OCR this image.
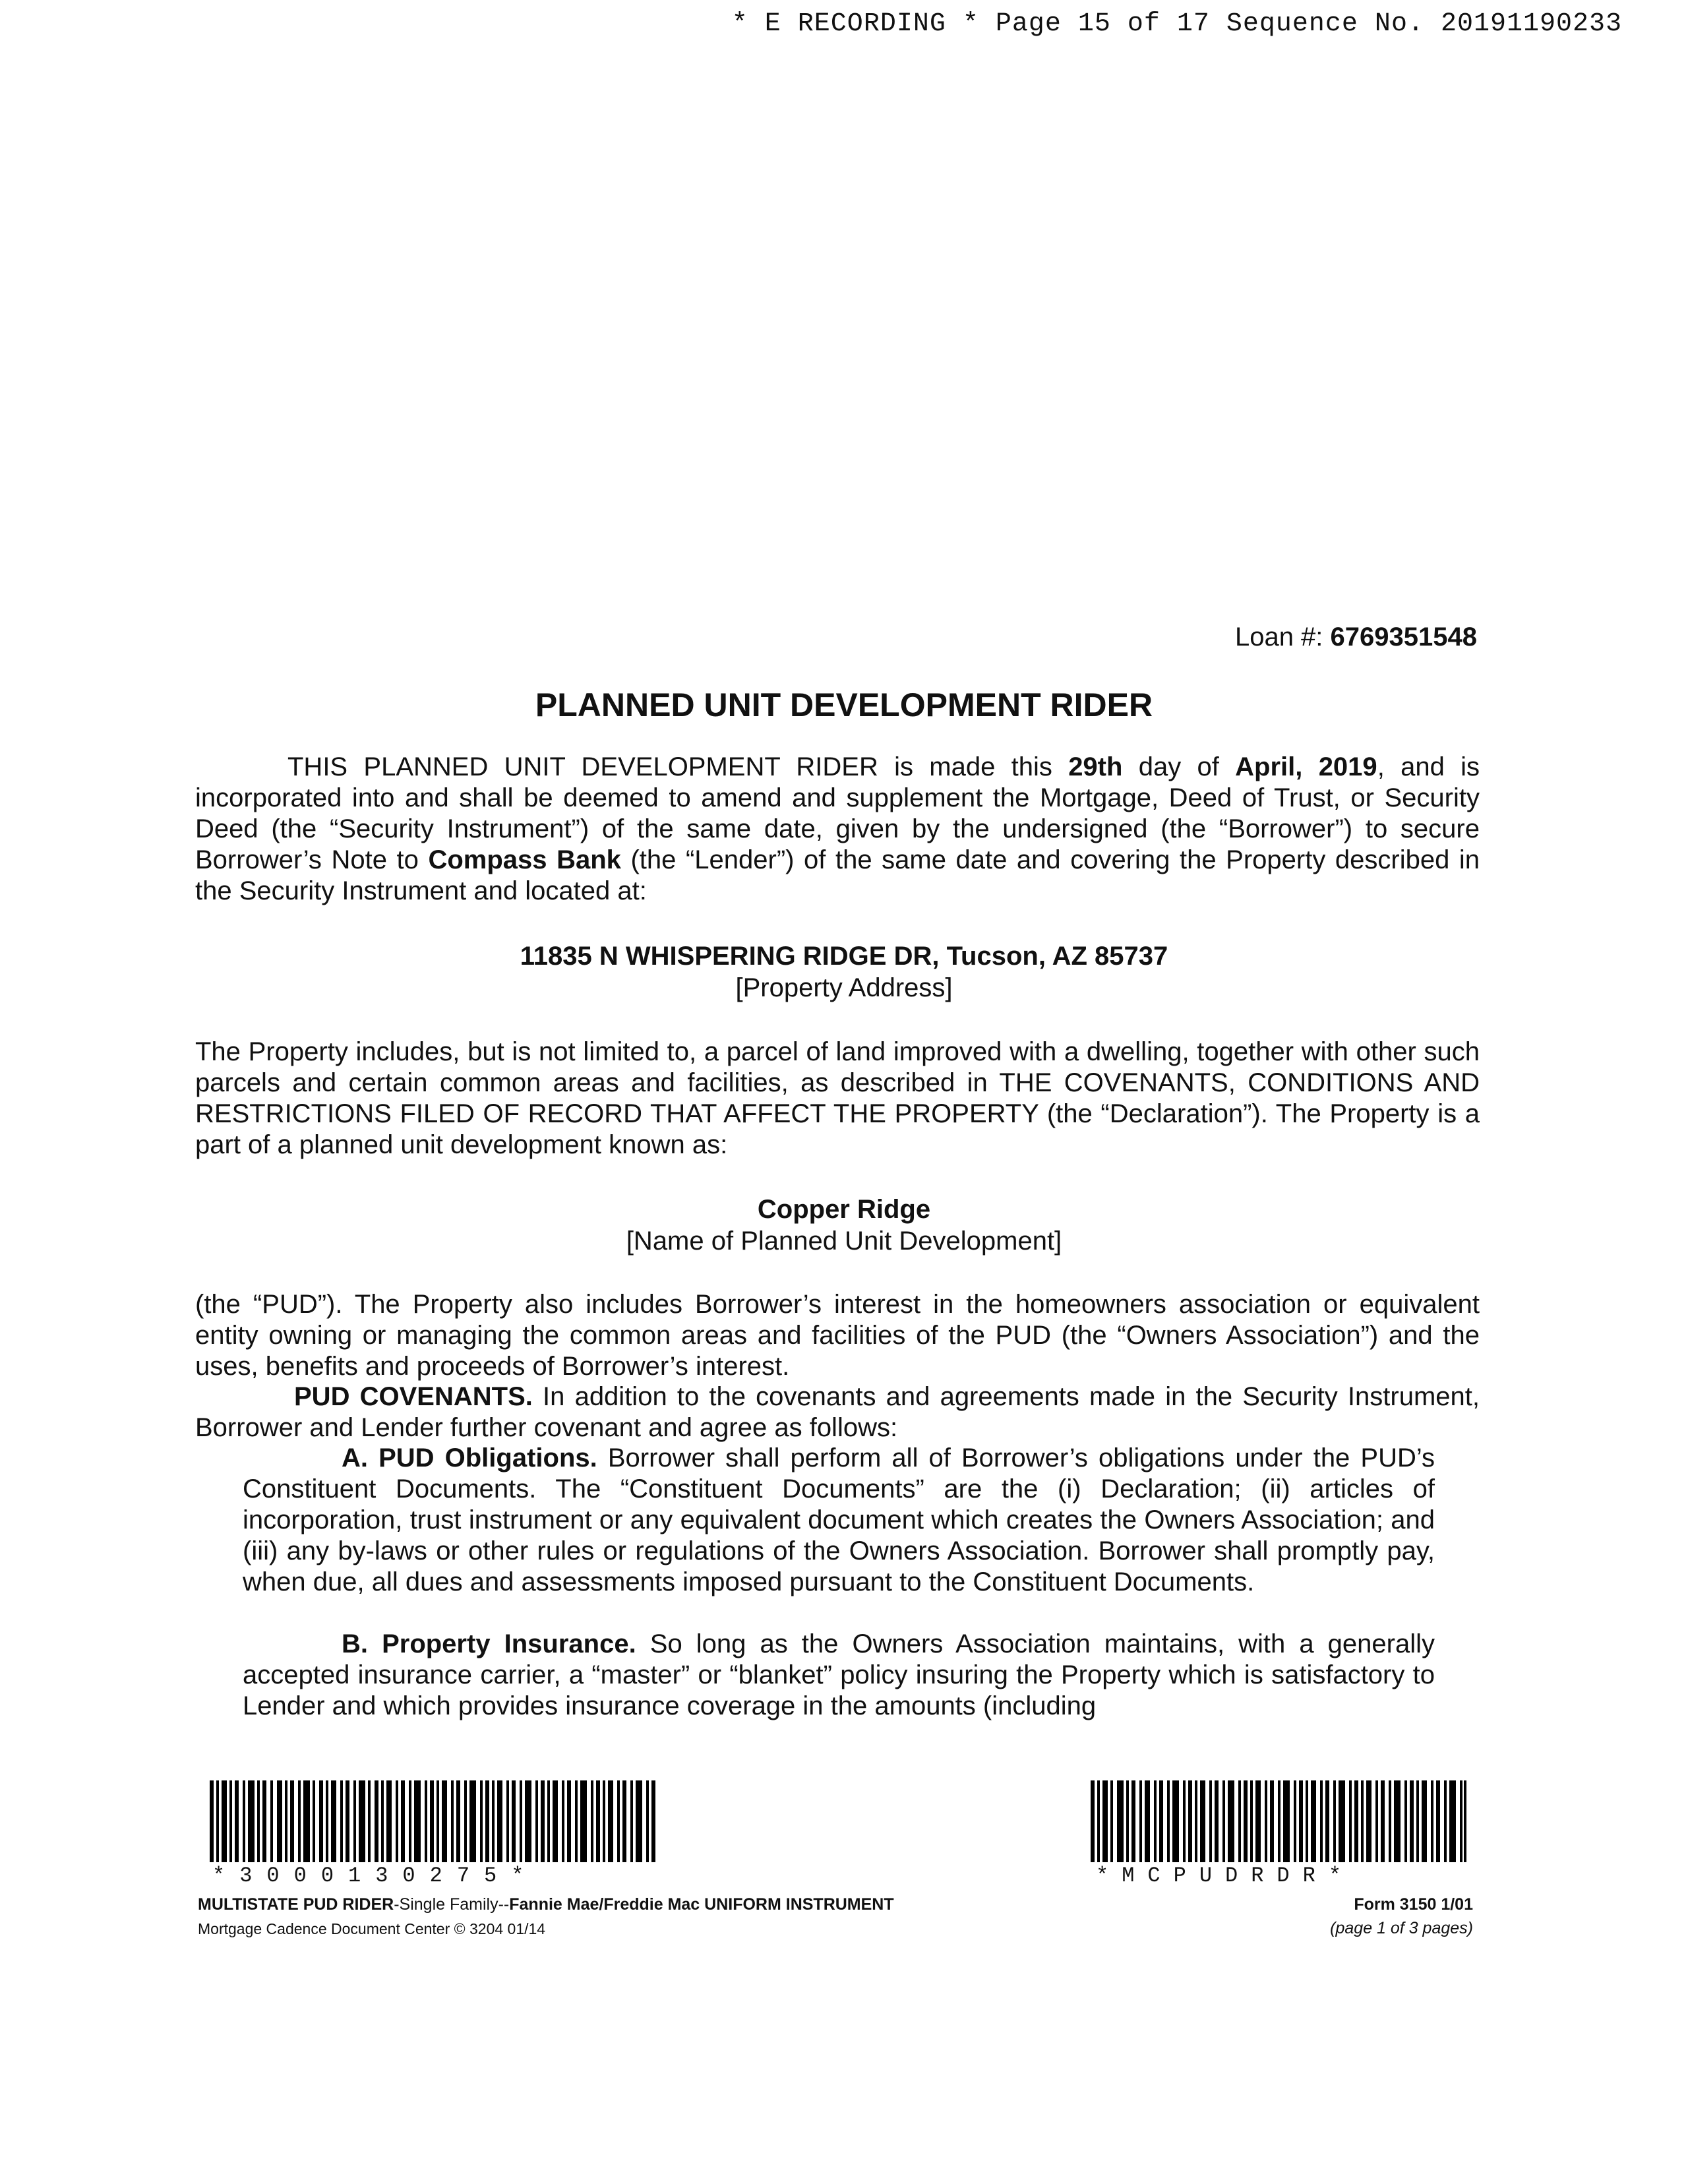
* E RECORDING * Page 15 of 17 Sequence No. 20191190233
Loan #: 6769351548
PLANNED UNIT DEVELOPMENT RIDER
THIS PLANNED UNIT DEVELOPMENT RIDER is made this 29th day of April, 2019, and is incorporated into and shall be deemed to amend and supplement the Mortgage, Deed of Trust, or Security Deed (the “Security Instrument”) of the same date, given by the undersigned (the “Borrower”) to secure Borrower’s Note to Compass Bank (the “Lender”) of the same date and covering the Property described in the Security Instrument and located at:
11835 N WHISPERING RIDGE DR, Tucson, AZ 85737
[Property Address]
The Property includes, but is not limited to, a parcel of land improved with a dwelling, together with other such parcels and certain common areas and facilities, as described in THE COVENANTS, CONDITIONS AND RESTRICTIONS FILED OF RECORD THAT AFFECT THE PROPERTY (the “Declaration”). The Property is a part of a planned unit development known as:
Copper Ridge
[Name of Planned Unit Development]
(the “PUD”). The Property also includes Borrower’s interest in the homeowners association or equivalent entity owning or managing the common areas and facilities of the PUD (the “Owners Association”) and the uses, benefits and proceeds of Borrower’s interest.
PUD COVENANTS. In addition to the covenants and agreements made in the Security Instrument, Borrower and Lender further covenant and agree as follows:
A. PUD Obligations. Borrower shall perform all of Borrower’s obligations under the PUD’s Constituent Documents. The “Constituent Documents” are the (i) Declaration; (ii) articles of incorporation, trust instrument or any equivalent document which creates the Owners Association; and (iii) any by-laws or other rules or regulations of the Owners Association. Borrower shall promptly pay, when due, all dues and assessments imposed pursuant to the Constituent Documents.
B. Property Insurance. So long as the Owners Association maintains, with a generally accepted insurance carrier, a “master” or “blanket” policy insuring the Property which is satisfactory to Lender and which provides insurance coverage in the amounts (including
*3000130275*	*MCPUDRDR*
MULTISTATE PUD RIDER-Single Family--Fannie Mae/Freddie Mac UNIFORM INSTRUMENT
Mortgage Cadence Document Center © 3204 01/14
Form 3150 1/01
(page 1 of 3 pages)
